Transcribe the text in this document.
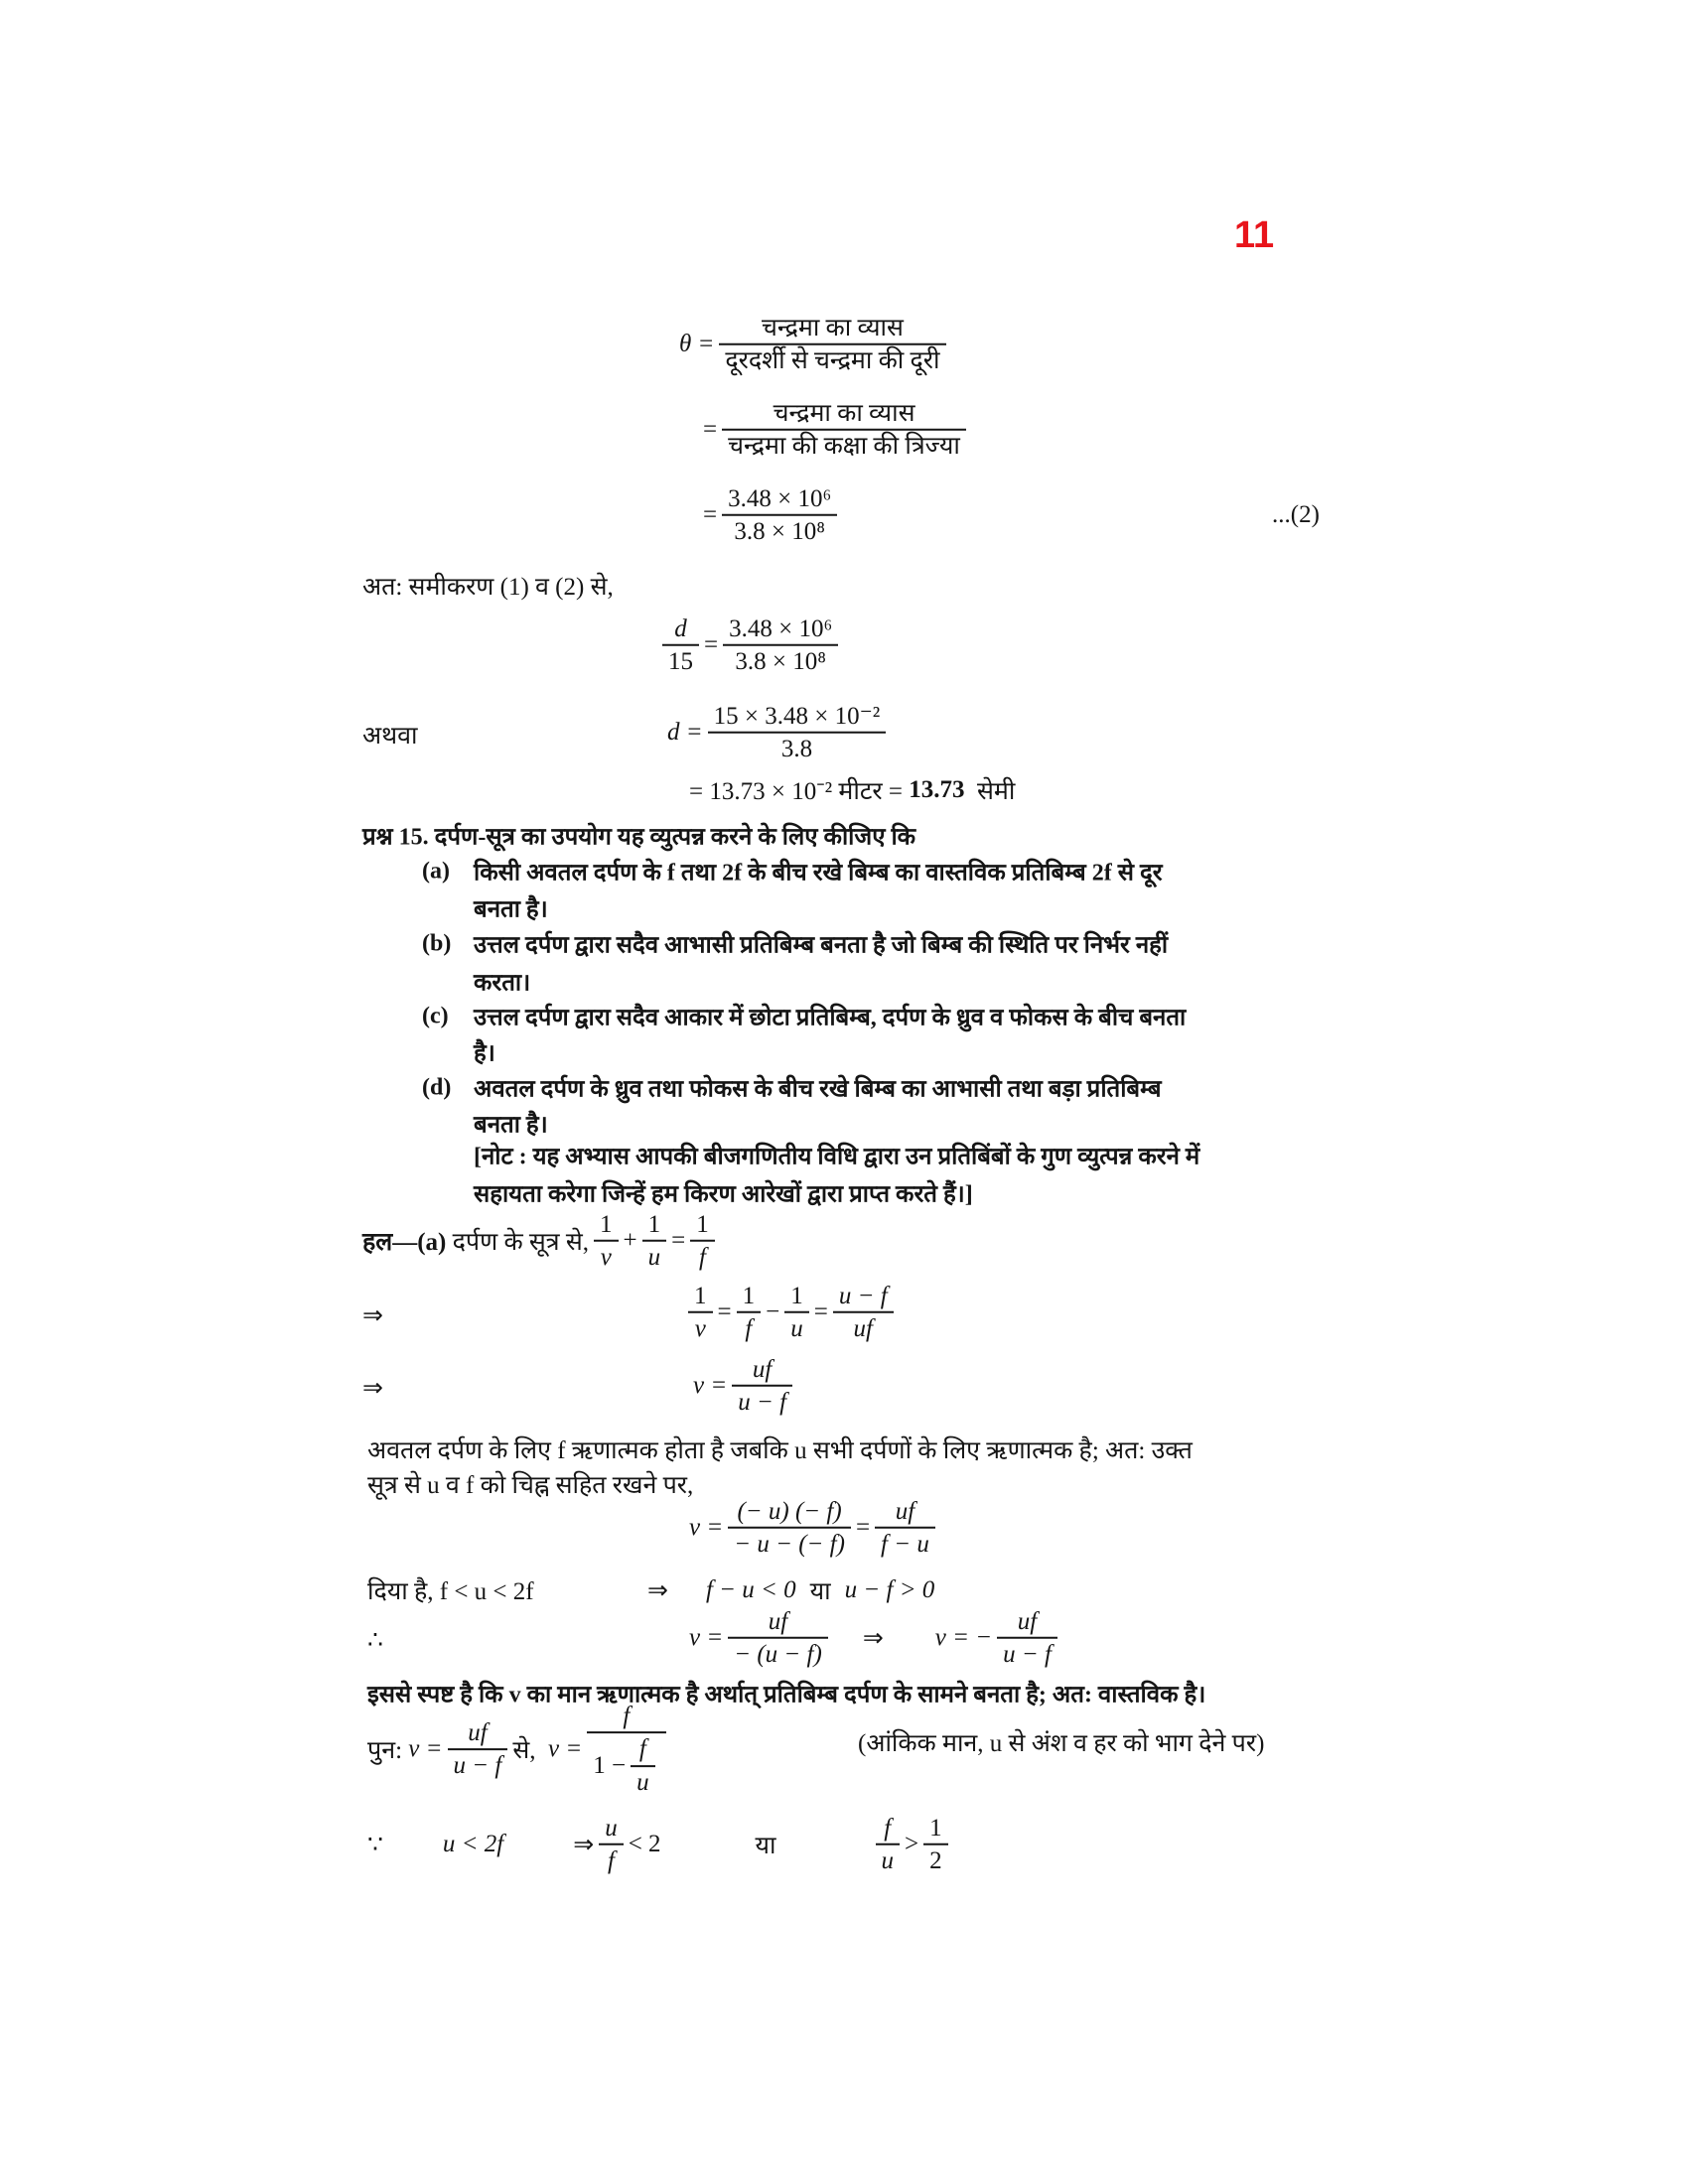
11
$\theta = \frac{\text{चन्द्रमा का व्यास}}{\text{दूरदर्शी से चन्द्रमा की दूरी}}$
= $\frac{\text{चन्द्रमा का व्यास}}{\text{चन्द्रमा की कक्षा की त्रिज्या}}$
= $\frac{\text{3.48 × 10⁶}}{\text{3.8 × 10⁸}}$	...(2)
अत: समीकरण (1) व (2) से,
$\frac{d}{15} = \frac{\text{3.48 × 10⁶}}{\text{3.8 × 10⁸}}$
अथवा	$d = \frac{\text{15 × 3.48 × 10⁻²}}{3.8}$
= 13.73 × 10⁻² मीटर =
13.73
सेमी
प्रश्न 15.
दर्पण-सूत्र का उपयोग यह व्युत्पन्न करने के लिए कीजिए कि
(a)	किसी अवतल दर्पण के f तथा 2f के बीच रखे बिम्ब का वास्तविक प्रतिबिम्ब 2f से दूर
बनता है।
(b) उत्तल दर्पण द्वारा सदैव आभासी प्रतिबिम्ब बनता है जो बिम्ब की स्थिति पर निर्भर नहीं
करता।
(c)	उत्तल दर्पण द्वारा सदैव आकार में छोटा प्रतिबिम्ब, दर्पण के ध्रुव व फोकस के बीच बनता
है।
(d) अवतल दर्पण के ध्रुव तथा फोकस के बीच रखे बिम्ब का आभासी तथा बड़ा प्रतिबिम्ब
बनता है।
[नोट : यह अभ्यास आपकी बीजगणितीय विधि द्वारा उन प्रतिबिंबों के गुण व्युत्पन्न करने में
सहायता करेगा जिन्हें हम किरण आरेखों द्वारा प्राप्त करते हैं।]
हल—(a)
दर्पण के सूत्र से, $\frac{1}{v} + \frac{1}{u} = \frac{1}{f}$
⇒	$\frac{1}{v} = \frac{1}{f} - \frac{1}{u} = \frac{u - f}{uf}$
⇒	$v = \frac{uf}{u - f}$
अवतल दर्पण के लिए f ऋणात्मक होता है जबकि u सभी दर्पणों के लिए ऋणात्मक है; अत: उक्त
सूत्र से u व f को चिह्न सहित रखने पर,
$v = \frac{(- u) (- f)}{- u - (- f)} = \frac{uf}{f - u}$
दिया है, f < u < 2f	⇒ f − u < 0 या u − f > 0
∴	$v = \frac{uf}{- (u - f)}$ ⇒ v = − $\frac{uf}{u - f}$
इससे स्पष्ट है कि v का मान ऋणात्मक है अर्थात् प्रतिबिम्ब दर्पण के सामने बनता है; अत: वास्तविक है।
पुन:
$v = \frac{uf}{u - f}$ से,
$v = \frac{f}{1 - \frac{f}{u}}$	(आंकिक मान, u से अंश व हर को भाग देने पर)
∵ u < 2f	⇒ $\frac{u}{f} < 2$	या	$\frac{f}{u} > \frac{1}{2}$
